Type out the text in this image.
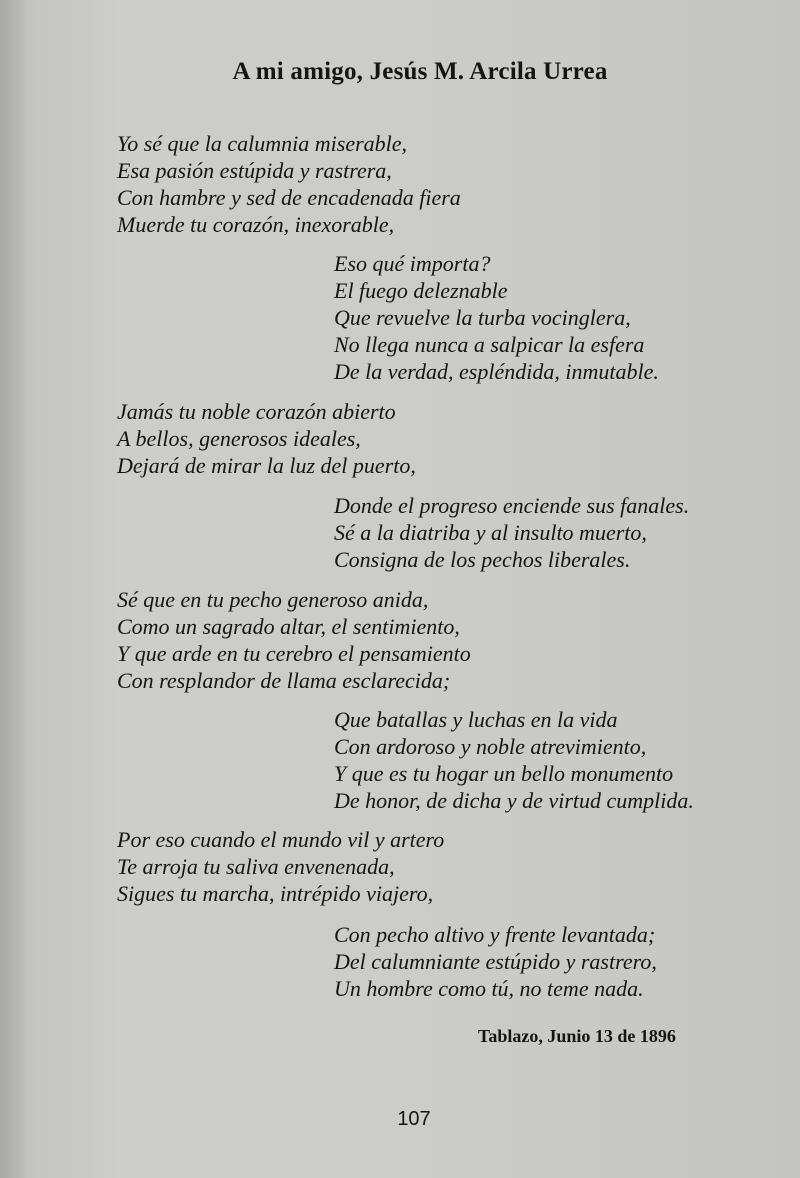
A mi amigo, Jesús M. Arcila Urrea
Yo sé que la calumnia miserable,
Esa pasión estúpida y rastrera,
Con hambre y sed de encadenada fiera
Muerde tu corazón, inexorable,
Eso qué importa?
El fuego deleznable
Que revuelve la turba vocinglera,
No llega nunca a salpicar la esfera
De la verdad, espléndida, inmutable.
Jamás tu noble corazón abierto
A bellos, generosos ideales,
Dejará de mirar la luz del puerto,
Donde el progreso enciende sus fanales.
Sé a la diatriba y al insulto muerto,
Consigna de los pechos liberales.
Sé que en tu pecho generoso anida,
Como un sagrado altar, el sentimiento,
Y que arde en tu cerebro el pensamiento
Con resplandor de llama esclarecida;
Que batallas y luchas en la vida
Con ardoroso y noble atrevimiento,
Y que es tu hogar un bello monumento
De honor, de dicha y de virtud cumplida.
Por eso cuando el mundo vil y artero
Te arroja tu saliva envenenada,
Sigues tu marcha, intrépido viajero,
Con pecho altivo y frente levantada;
Del calumniante estúpido y rastrero,
Un hombre como tú, no teme nada.
Tablazo, Junio 13 de 1896
107
